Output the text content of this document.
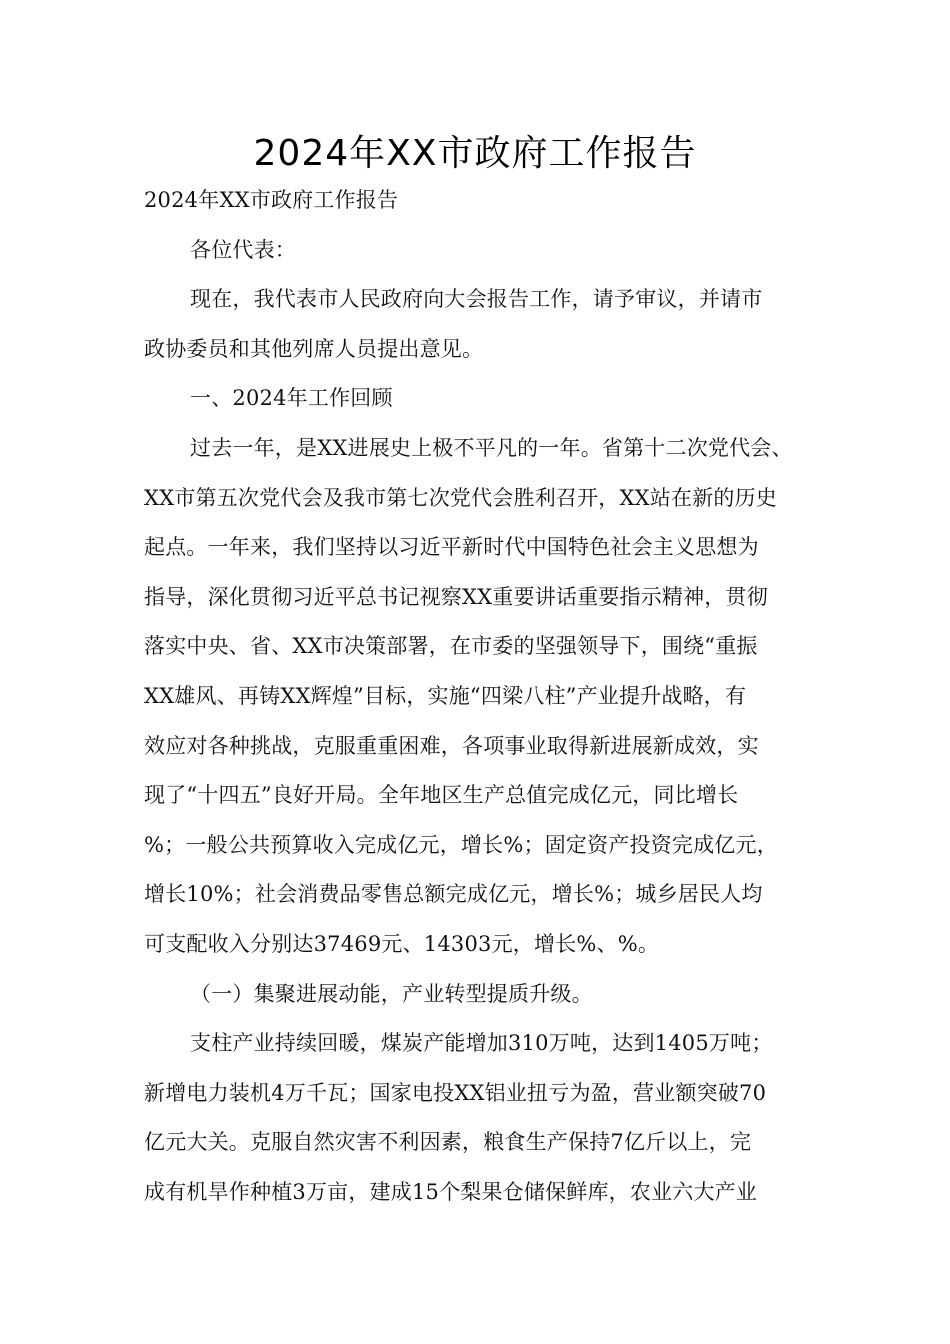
2024年XX市政府工作报告
2024年XX市政府工作报告
各位代表：
现在，我代表市人民政府向大会报告工作，请予审议，并请市
政协委员和其他列席人员提出意见。
一、2024年工作回顾
过去一年，是XX进展史上极不平凡的一年。省第十二次党代会、
XX市第五次党代会及我市第七次党代会胜利召开，XX站在新的历史
起点。一年来，我们坚持以习近平新时代中国特色社会主义思想为
指导，深化贯彻习近平总书记视察XX重要讲话重要指示精神，贯彻
落实中央、省、XX市决策部署，在市委的坚强领导下，围绕“重振
XX雄风、再铸XX辉煌”目标，实施“四梁八柱”产业提升战略，有
效应对各种挑战，克服重重困难，各项事业取得新进展新成效，实
现了“十四五”良好开局。全年地区生产总值完成亿元，同比增长
%；一般公共预算收入完成亿元，增长%；固定资产投资完成亿元，
增长10%；社会消费品零售总额完成亿元，增长%；城乡居民人均
可支配收入分别达37469元、14303元，增长%、%。
（一）集聚进展动能，产业转型提质升级。
支柱产业持续回暖，煤炭产能增加310万吨，达到1405万吨；
新增电力装机4万千瓦；国家电投XX铝业扭亏为盈，营业额突破70
亿元大关。克服自然灾害不利因素，粮食生产保持7亿斤以上，完
成有机旱作种植3万亩，建成15个梨果仓储保鲜库，农业六大产业
